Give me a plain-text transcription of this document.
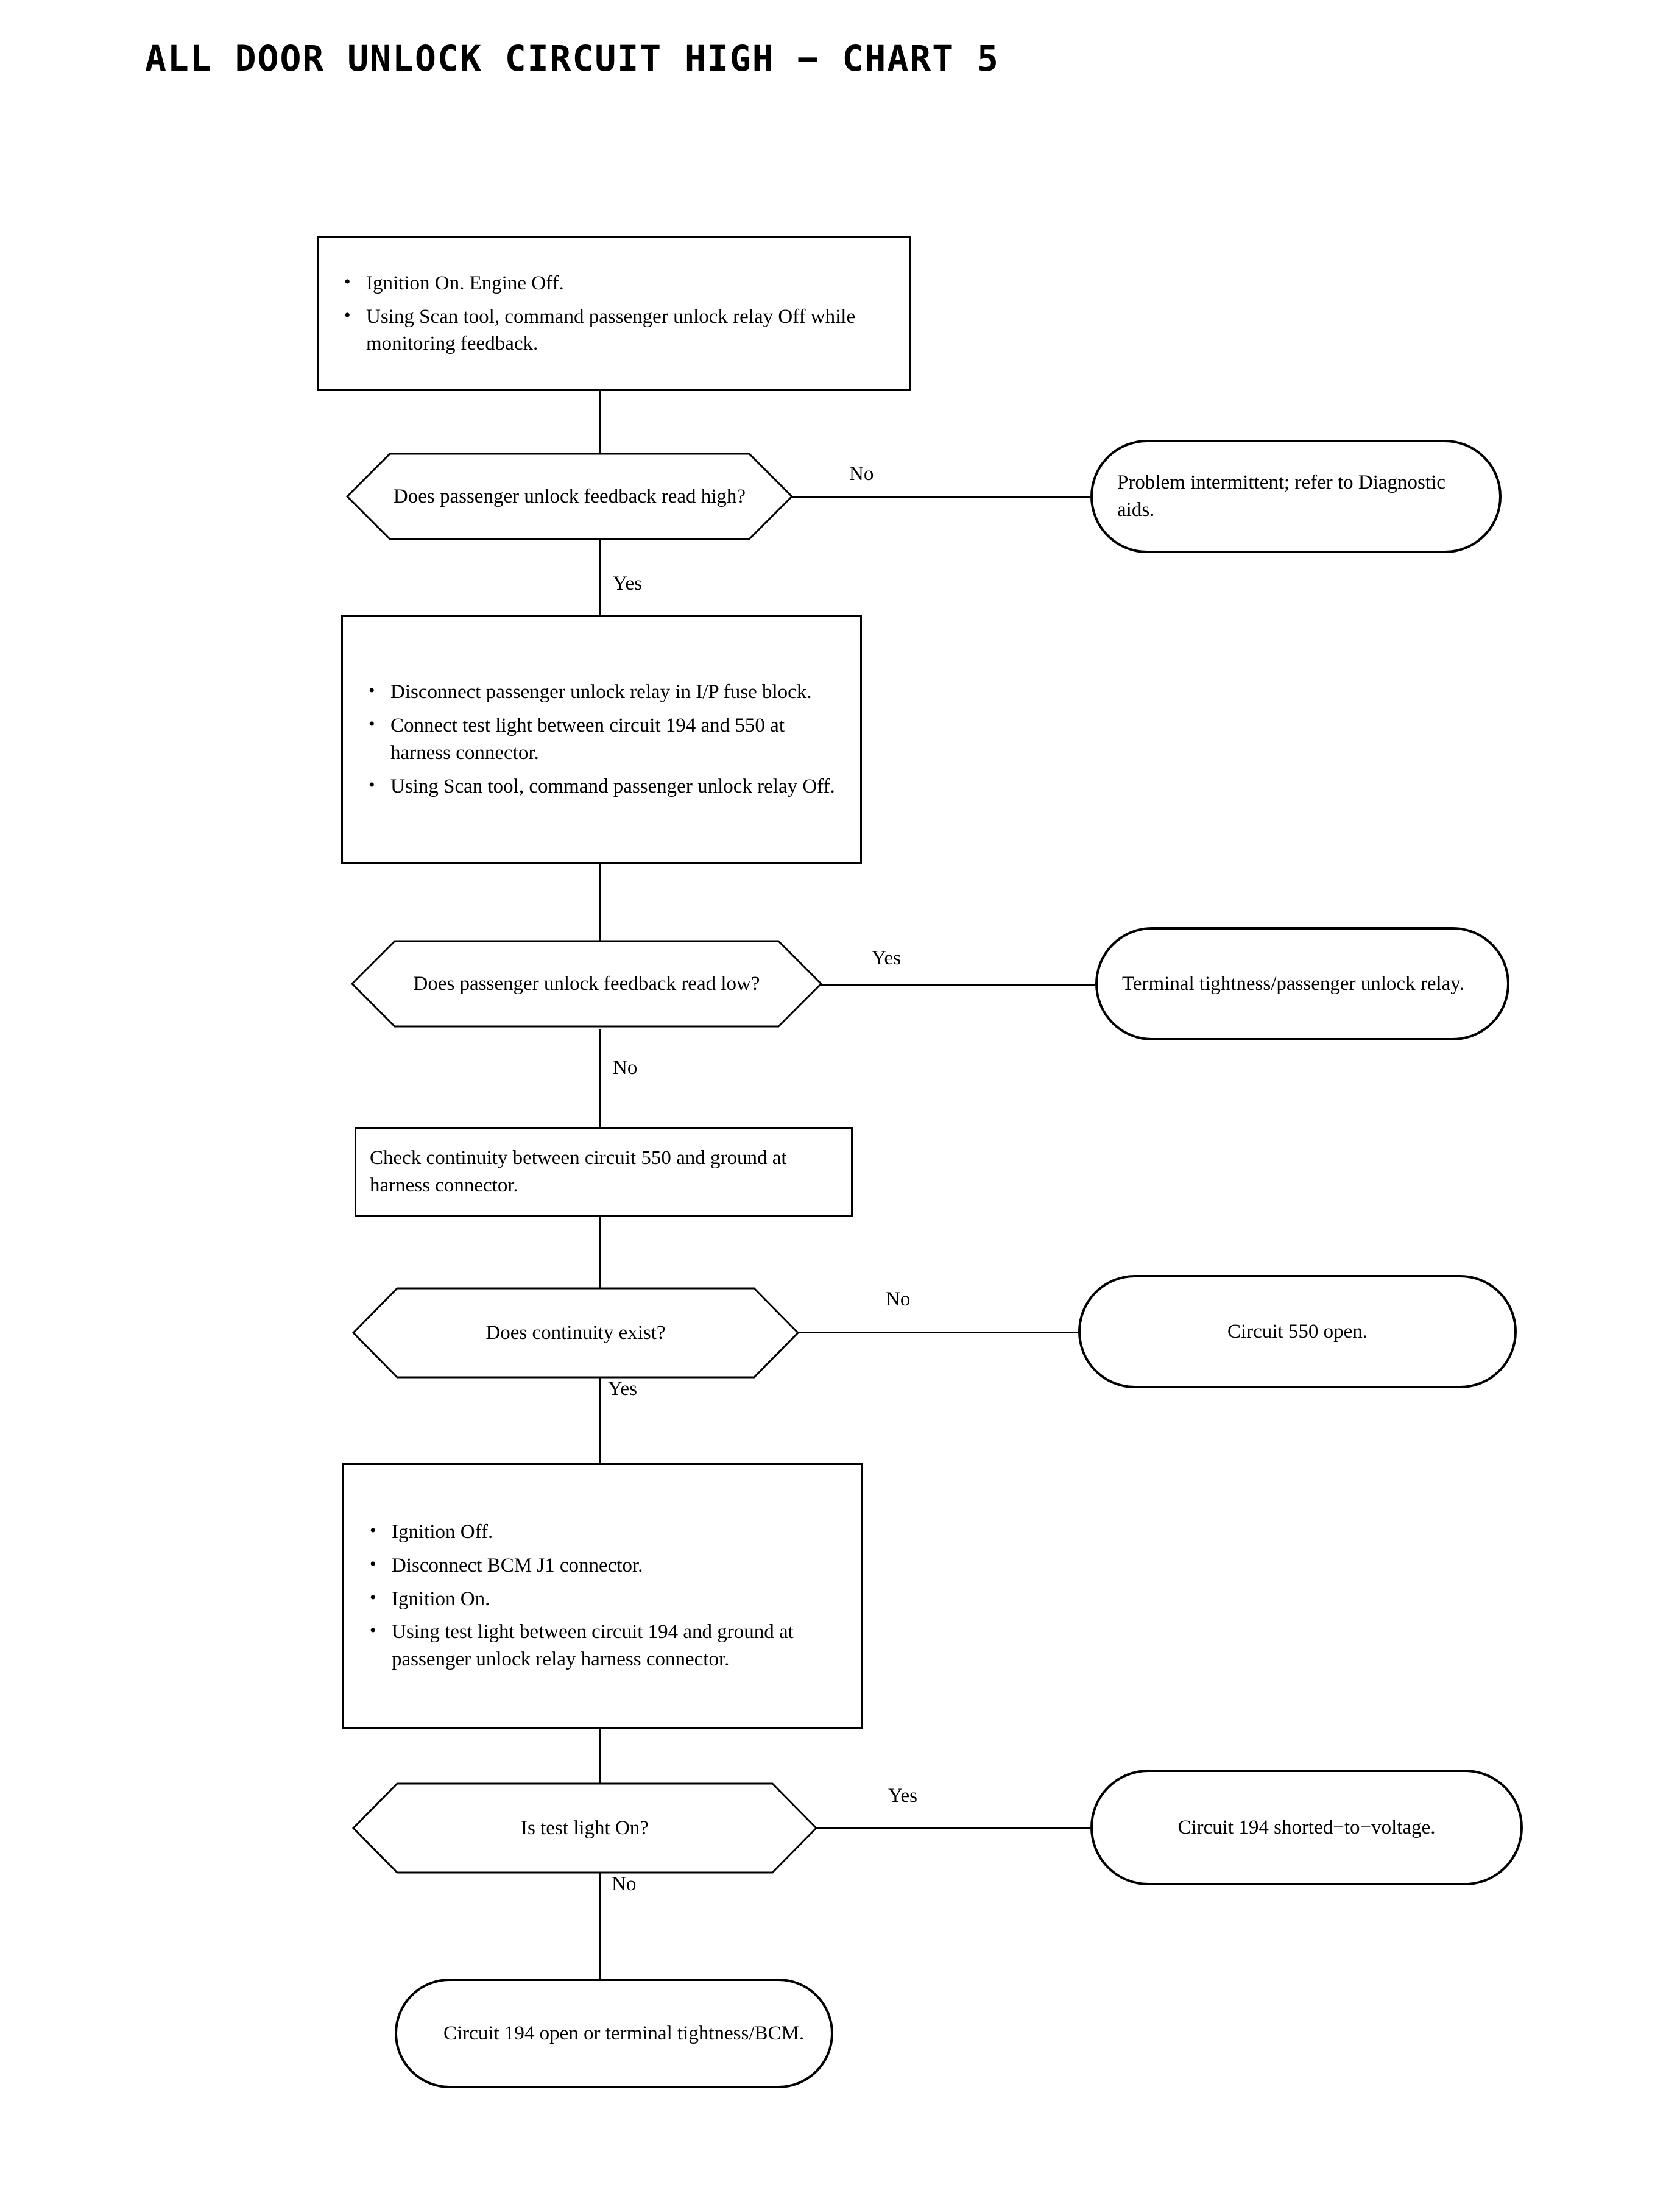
ALL DOOR UNLOCK CIRCUIT HIGH − CHART 5
No
Yes
Yes
No
No
Yes
Yes
No
• Ignition On. Engine Off.
• Using Scan tool, command passenger unlock relay Off while monitoring feedback.
Does passenger unlock feedback read high?
Problem intermittent; refer to Diagnostic aids.
• Disconnect passenger unlock relay in I/P fuse block.
• Connect test light between circuit 194 and 550 at harness connector.
• Using Scan tool, command passenger unlock relay Off.
Does passenger unlock feedback read low?	Terminal tightness/passenger unlock relay.
Check continuity between circuit 550 and ground at harness connector.
Does continuity exist?	Circuit 550 open.
• Ignition Off.
• Disconnect BCM J1 connector.
• Ignition On.
• Using test light between circuit 194 and ground at passenger unlock relay harness connector.
Is test light On?	Circuit 194 shorted−to−voltage.
Circuit 194 open or terminal tightness/BCM.
